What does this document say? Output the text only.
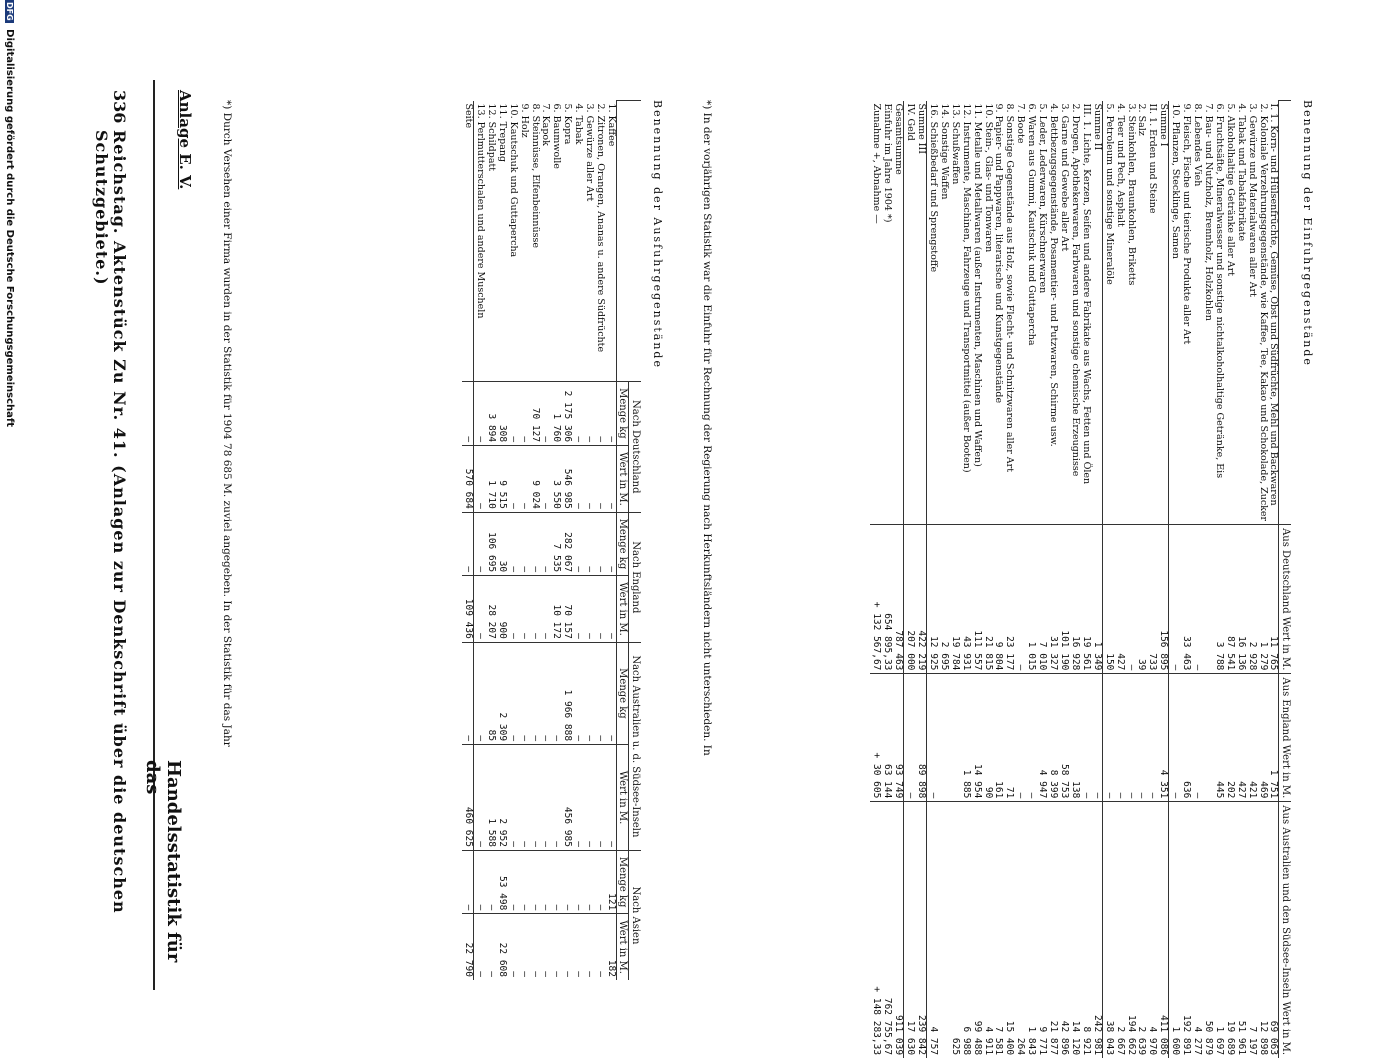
336
Reichstag. Aktenstück Zu Nr. 41. (Anlagen zur Denkschrift über die deutschen Schutzgebiete.)	Anlage E. V.
Handelsstatistik für das
Benennung der Einfuhrgegenstände
	Aus Deutschland Wert in M.	Aus England Wert in M.	Aus Australien und den Südsee-Inseln Wert in M.
I. 1. Korn- und Hülsenfrüchte, Gemüse, Obst und Südfrüchte, Mehl und Backwaren	11 765	1 751	69 063
2. Koloniale Verzehrungsgegenstände, wie Kaffee, Tee, Kakao und Schokolade, Zucker	1 279	469	12 898
3. Gewürze und Materialwaren aller Art	2 928	421	7 197
4. Tabak und Tabakfabrikate	16 136	427	51 961
5. Alkoholhaltige Getränke aller Art	87 541	202	19 689
6. Fruchtsäfte, Mineralwasser und sonstige nichtalkoholhaltige Getränke, Eis	3 788	445	1 697
7. Bau- und Nutzholz, Brennholz, Holzkohlen			50 879
8. Lebendes Vieh	—	—	4 277
9. Fleisch, Fische und tierische Produkte aller Art	33 463	636	192 891
10. Pflanzen, Stecklinge, Samen	—	—	1 600
Summe I	156 895	4 351	411 086
II. 1. Erden und Steine	733	—	4 970
2. Salz	39	—	2 639
3. Steinkohlen, Braunkohlen, Briketts	—	—	194 662
4. Teer und Pech, Asphalt	427	—	2 667
5. Petroleum und sonstige Mineralöle	150	—	38 043
Summe II	1 349	—	242 981
III. 1. Lichte, Kerzen, Seifen und andere Fabrikate aus Wachs, Fetten und Ölen	19 561	—	8 921
2. Drogen, Apothekerwaren, Farbwaren und sonstige chemische Erzeugnisse	16 928	138	14 120
3. Garne und Gewebe aller Art	101 190	58 753	42 896
4. Bettbezugsgegenstände, Posamentier- und Putzwaren, Schirme usw.	31 327	8 399	21 877
5. Leder, Lederwaren, Kürschnerwaren	7 010	4 947	9 771
6. Waren aus Gummi, Kautschuk und Guttapercha	1 015	—	1 843
7. Boote	—	—	264
8. Sonstige Gegenstände aus Holz, sowie Flecht- und Schnitzwaren aller Art	23 177	71	15 400
9. Papier- und Pappwaren, literarische und Kunstgegenstände	9 804	161	7 581
10. Stein-, Glas- und Tonwaren	21 815	90	4 911
11. Metalle und Metallwaren (außer Instrumenten, Maschinen und Waffen)	111 557	14 954	99 488
12. Instrumente, Maschinen, Fahrzeuge und Transportmittel (außer Booten)	43 931	1 885	6 988
13. Schußwaffen	19 784		625
14. Sonstige Waffen	2 695		
16. Schießbedarf und Sprengstoffe	12 925	—	4 757
Summe III	422 219	89 898	239 842
IV. Geld	207 000	—	17 630
Gesamtsumme	787 463	93 749	911 039
Einfuhr im Jahre 1904 *)	654 895,33	63 144	762 755,67
Zunahme +, Abnahme —	+ 132 567,67	+ 30 605	+ 148 283,33
*) In der vorjährigen Statistik war die Einfuhr für Rechnung der Regierung nach Herkunftsländern nicht unterschieden. In
Benennung der Ausfuhrgegenstände
	Nach Deutschland		Nach England		Nach Australien u. d. Südsee-Inseln		Nach Asien	
	Menge kg	Wert in M.	Menge kg	Wert in M.	Menge kg	Wert in M.	Menge kg	Wert in M.
1. Kaffee	—	—	—	—	—	—	121	182
2. Zitronen, Orangen, Ananas u. andere Südfrüchte	—	—	—	—	—	—	—	—
3. Gewürze aller Art	—	—	—	—	—	—	—	—
4. Tabak	—	—	—	—	—	—	—	—
5. Kopra	2 175 306	546 985	282 067	70 157	1 966 888	456 985	—	—
6. Baumwolle	1 760	3 550	7 535	10 172	—	—	—	—
7. Kapok	—	—	—	—	—	—	—	—
8. Steinnüsse, Elfenbeinnüsse	70 127	9 024	—	—	—	—	—	—
9. Holz	—	—	—	—	—	—	—	—
10. Kautschuk und Guttapercha	—	—	—	—	—	—	—	—
11. Trepang	308	9 515	30	900	2 309	2 952	53 498	22 608
12. Schildpatt	3 894	1 710	106 695	28 207	85	1 588	—	—
13. Perlmutterschalen und andere Muscheln	—	—	—	—	—	—	—	—
Seite	—	570 684	—	109 436	—	460 625	—	22 790
*) Durch Versehen einer Firma wurden in der Statistik für 1904 78 685 M. zuviel angegeben. In der Statistik für das Jahr
DFG Digitalisierung gefördert durch die Deutsche Forschungsgemeinschaft
